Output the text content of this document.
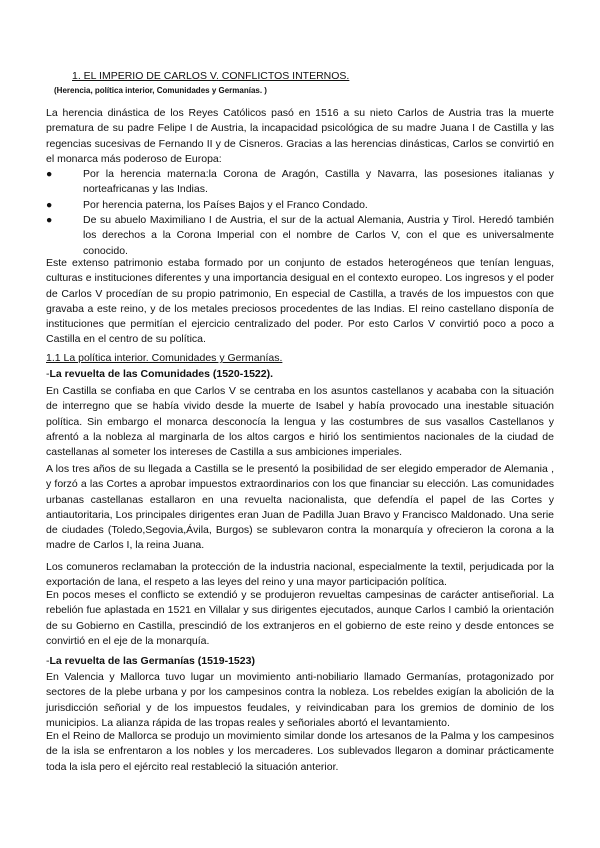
1. EL IMPERIO DE CARLOS V. CONFLICTOS INTERNOS.
(Herencia, política interior, Comunidades y Germanías. )
La herencia dinástica de los Reyes Católicos pasó en 1516 a su nieto Carlos de Austria tras la muerte prematura de su padre Felipe I de Austria, la incapacidad psicológica de su madre Juana I de Castilla y las regencias sucesivas de Fernando II y de Cisneros. Gracias a las herencias dinásticas, Carlos se convirtió en el monarca más poderoso de Europa:
●	Por la herencia materna:la Corona de Aragón, Castilla y Navarra, las posesiones italianas y norteafricanas y las Indias.
●	Por herencia paterna, los Países Bajos y el Franco Condado.
●	De su abuelo Maximiliano I de Austria, el sur de la actual Alemania, Austria y Tirol. Heredó también los derechos a la Corona Imperial con el nombre de Carlos V, con el que es universalmente conocido.
Este extenso patrimonio estaba formado por un conjunto de estados heterogéneos que tenían lenguas, culturas e instituciones diferentes y una importancia desigual en el contexto europeo. Los ingresos y el poder de Carlos V procedían de su propio patrimonio, En especial de Castilla, a través de los impuestos con que gravaba a este reino, y de los metales preciosos procedentes de las Indias. El reino castellano disponía de instituciones que permitían el ejercicio centralizado del poder. Por esto Carlos V convirtió poco a poco a Castilla en el centro de su política.
1.1 La política interior. Comunidades y Germanías.
-La revuelta de las Comunidades (1520-1522).
En Castilla se confiaba en que Carlos V se centraba en los asuntos castellanos y acababa con la situación de interregno que se había vivido desde la muerte de Isabel y había provocado una inestable situación política. Sin embargo el monarca desconocía la lengua y las costumbres de sus vasallos Castellanos y afrentó a la nobleza al marginarla de los altos cargos e hirió los sentimientos nacionales de la ciudad de castellanas al someter los intereses de Castilla a sus ambiciones imperiales.
A los tres años de su llegada a Castilla se le presentó la posibilidad de ser elegido emperador de Alemania , y forzó a las Cortes a aprobar impuestos extraordinarios con los que financiar su elección. Las comunidades urbanas castellanas estallaron en una revuelta nacionalista, que defendía el papel de las Cortes y antiautoritaria, Los principales dirigentes eran Juan de Padilla Juan Bravo y Francisco Maldonado. Una serie de ciudades (Toledo,Segovia,Ávila, Burgos) se sublevaron contra la monarquía y ofrecieron la corona a la madre de Carlos I, la reina Juana.
Los comuneros reclamaban la protección de la industria nacional, especialmente la textil, perjudicada por la exportación de lana, el respeto a las leyes del reino y una mayor participación política.
En pocos meses el conflicto se extendió y se produjeron revueltas campesinas de carácter antiseñorial. La rebelión fue aplastada en 1521 en Villalar y sus dirigentes ejecutados, aunque Carlos I cambió la orientación de su Gobierno en Castilla, prescindió de los extranjeros en el gobierno de este reino y desde entonces se convirtió en el eje de la monarquía.
-La revuelta de las Germanías (1519-1523)
En Valencia y Mallorca tuvo lugar un movimiento anti-nobiliario llamado Germanías, protagonizado por sectores de la plebe urbana y por los campesinos contra la nobleza. Los rebeldes exigían la abolición de la jurisdicción señorial y de los impuestos feudales, y reivindicaban para los gremios de dominio de los municipios. La alianza rápida de las tropas reales y señoriales abortó el levantamiento.
En el Reino de Mallorca se produjo un movimiento similar donde los artesanos de la Palma y los campesinos de la isla se enfrentaron a los nobles y los mercaderes. Los sublevados llegaron a dominar prácticamente toda la isla pero el ejército real restableció la situación anterior.
